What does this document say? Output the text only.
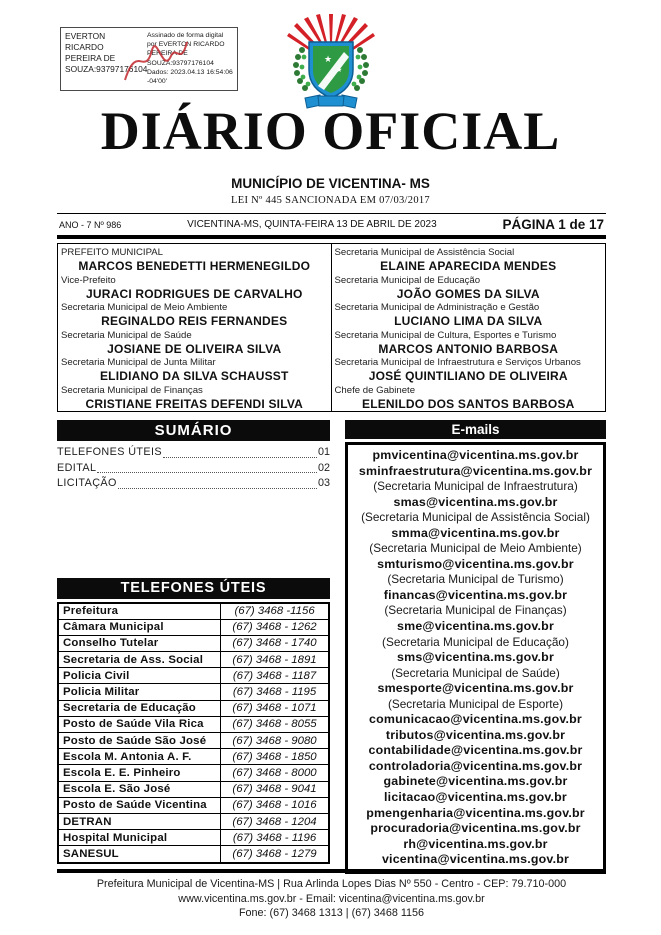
EVERTON RICARDO PEREIRA DE SOUZA:93797176104
Assinado de forma digital por EVERTON RICARDO PEREIRA DE SOUZA:93797176104 Dados: 2023.04.13 16:54:06 -04'00'
★
★
★
DIÁRIO OFICIAL
MUNICÍPIO DE VICENTINA- MS
LEI Nº 445 SANCIONADA EM 07/03/2017
ANO - 7 Nº 986	VICENTINA-MS, QUINTA-FEIRA 13 DE ABRIL DE 2023	PÁGINA 1 de 17
PREFEITO MUNICIPAL
MARCOS BENEDETTI HERMENEGILDO
Vice-Prefeito
JURACI RODRIGUES DE CARVALHO
Secretaria Municipal de Meio Ambiente
REGINALDO REIS FERNANDES
Secretaria Municipal de Saúde
JOSIANE DE OLIVEIRA SILVA
Secretaria Municipal de Junta Militar
ELIDIANO DA SILVA SCHAUSST
Secretaria Municipal de Finanças
CRISTIANE FREITAS DEFENDI SILVA
Secretaria Municipal de Assistência Social
ELAINE APARECIDA MENDES
Secretaria Municipal de Educação
JOÃO GOMES DA SILVA
Secretaria Municipal de Administração e Gestão
LUCIANO LIMA DA SILVA
Secretaria Municipal de Cultura, Esportes e Turismo
MARCOS ANTONIO BARBOSA
Secretaria Municipal de Infraestrutura e Serviços Urbanos
JOSÉ QUINTILIANO DE OLIVEIRA
Chefe de Gabinete
ELENILDO DOS SANTOS BARBOSA
SUMÁRIO
TELEFONES ÚTEIS	01
EDITAL	02
LICITAÇÃO	03
TELEFONES ÚTEIS
Prefeitura	(67) 3468 -1156
Câmara Municipal	(67) 3468 - 1262
Conselho Tutelar	(67) 3468 - 1740
Secretaria de Ass. Social	(67) 3468 - 1891
Policia Civil	(67) 3468 - 1187
Policia Militar	(67) 3468 - 1195
Secretaria de Educação	(67) 3468 - 1071
Posto de Saúde Vila Rica	(67) 3468 - 8055
Posto de Saúde São José	(67) 3468 - 9080
Escola M. Antonia A. F.	(67) 3468 - 1850
Escola E. E. Pinheiro	(67) 3468 - 8000
Escola E. São José	(67) 3468 - 9041
Posto de Saúde Vicentina	(67) 3468 - 1016
DETRAN	(67) 3468 - 1204
Hospital Municipal	(67) 3468 - 1196
SANESUL	(67) 3468 - 1279
E-mails
pmvicentina@vicentina.ms.gov.br
sminfraestrutura@vicentina.ms.gov.br
(Secretaria Municipal de Infraestrutura)
smas@vicentina.ms.gov.br
(Secretaria Municipal de Assistência Social)
smma@vicentina.ms.gov.br
(Secretaria Municipal de Meio Ambiente)
smturismo@vicentina.ms.gov.br
(Secretaria Municipal de Turismo)
financas@vicentina.ms.gov.br
(Secretaria Municipal de Finanças)
sme@vicentina.ms.gov.br
(Secretaria Municipal de Educação)
sms@vicentina.ms.gov.br
(Secretaria Municipal de Saúde)
smesporte@vicentina.ms.gov.br
(Secretaria Municipal de Esporte)
comunicacao@vicentina.ms.gov.br
tributos@vicentina.ms.gov.br
contabilidade@vicentina.ms.gov.br
controladoria@vicentina.ms.gov.br
gabinete@vicentina.ms.gov.br
licitacao@vicentina.ms.gov.br
pmengenharia@vicentina.ms.gov.br
procuradoria@vicentina.ms.gov.br
rh@vicentina.ms.gov.br
vicentina@vicentina.ms.gov.br
Prefeitura Municipal de Vicentina-MS | Rua Arlinda Lopes Dias Nº 550 - Centro - CEP: 79.710-000
www.vicentina.ms.gov.br - Email: vicentina@vicentina.ms.gov.br
Fone: (67) 3468 1313 | (67) 3468 1156
